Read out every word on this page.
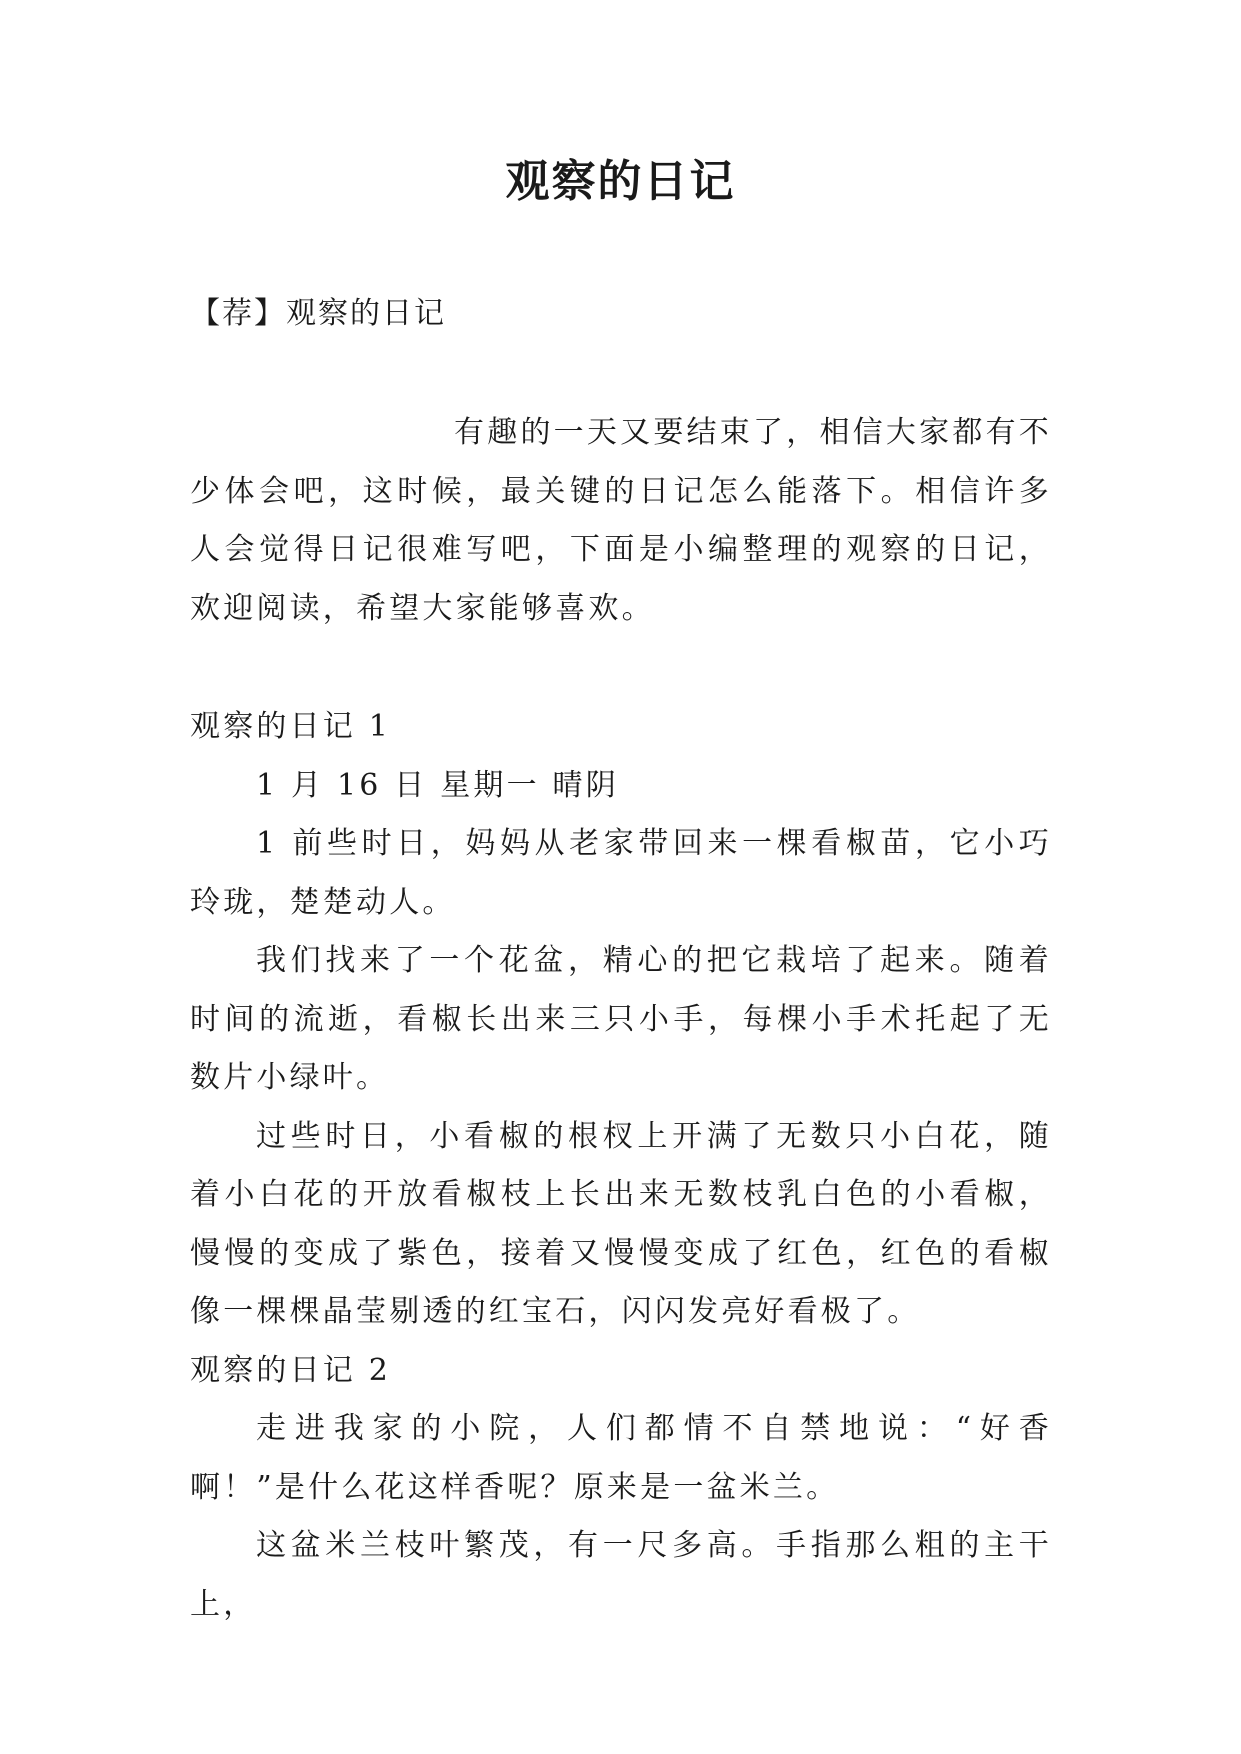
观察的日记
【荐】观察的日记

有趣的一天又要结束了，相信大家都有不少体会吧，这时候，最关键的日记怎么能落下。相信许多人会觉得日记很难写吧，下面是小编整理的观察的日记，欢迎阅读，希望大家能够喜欢。

观察的日记 1

1 月 16 日 星期一 晴阴

1 前些时日，妈妈从老家带回来一棵看椒苗，它小巧玲珑，楚楚动人。

我们找来了一个花盆，精心的把它栽培了起来。随着时间的流逝，看椒长出来三只小手，每棵小手术托起了无数片小绿叶。

过些时日，小看椒的根杈上开满了无数只小白花，随着小白花的开放看椒枝上长出来无数枝乳白色的小看椒，慢慢的变成了紫色，接着又慢慢变成了红色，红色的看椒像一棵棵晶莹剔透的红宝石，闪闪发亮好看极了。

观察的日记 2

走进我家的小院，人们都情不自禁地说：“好香啊！”是什么花这样香呢？原来是一盆米兰。

这盆米兰枝叶繁茂，有一尺多高。手指那么粗的主干上，
